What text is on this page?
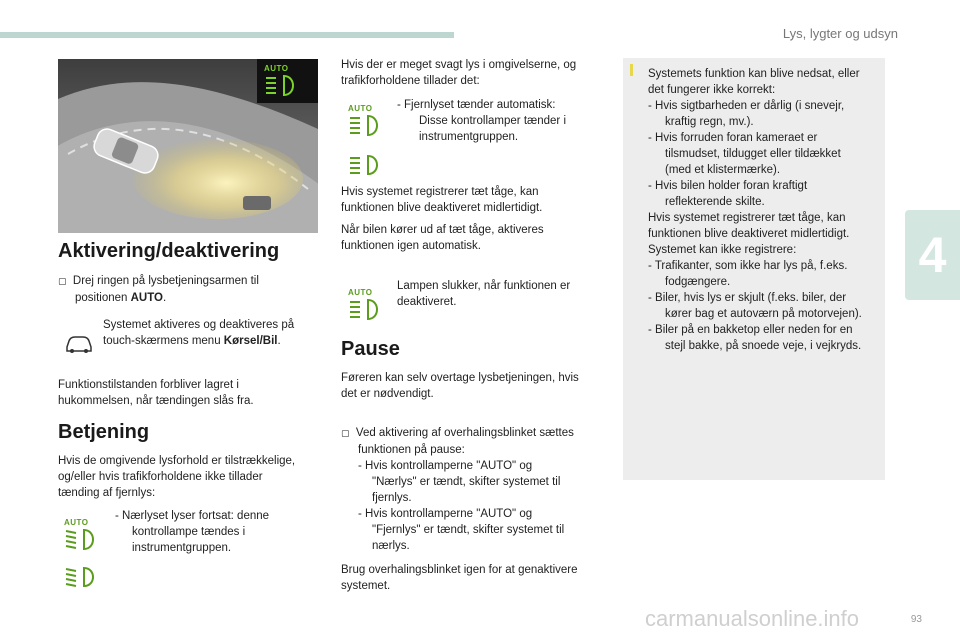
Lys, lygter og udsyn
4
AUTO
Aktivering/deaktivering

▢ Drej ringen på lysbetjeningsarmen til

positionen AUTO.

Systemet aktiveres og deaktiveres på

touch-skærmens menu Kørsel/Bil.

Funktionstilstanden forbliver lagret i

hukommelsen, når tændingen slås fra.

Betjening

Hvis de omgivende lysforhold er tilstrækkelige,

og/eller hvis trafikforholdene ikke tillader

tænding af fjernlys:

AUTO

- Nærlyset lyser fortsat: denne

kontrollampe tændes i

instrumentgruppen.

Hvis der er meget svagt lys i omgivelserne, og

trafikforholdene tillader det:

AUTO	- Fjernlyset tænder automatisk:

Disse kontrollamper tænder i

instrumentgruppen.

Hvis systemet registrerer tæt tåge, kan

funktionen blive deaktiveret midlertidigt.

Når bilen kører ud af tæt tåge, aktiveres

funktionen igen automatisk.

AUTO

Lampen slukker, når funktionen er

deaktiveret.

Pause

Føreren kan selv overtage lysbetjeningen, hvis

det er nødvendigt.

▢ Ved aktivering af overhalingsblinket sættes

funktionen på pause:

- Hvis kontrollamperne "AUTO" og

"Nærlys" er tændt, skifter systemet til

fjernlys.

- Hvis kontrollamperne "AUTO" og

"Fjernlys" er tændt, skifter systemet til

nærlys.

Brug overhalingsblinket igen for at genaktivere

systemet.

Systemets funktion kan blive nedsat, eller

det fungerer ikke korrekt:

- Hvis sigtbarheden er dårlig (i snevejr,

kraftig regn, mv.).

- Hvis forruden foran kameraet er

tilsmudset, tildugget eller tildækket

(med et klistermærke).

- Hvis bilen holder foran kraftigt

reflekterende skilte.

Hvis systemet registrerer tæt tåge, kan

funktionen blive deaktiveret midlertidigt.

Systemet kan ikke registrere:

- Trafikanter, som ikke har lys på, f.eks.

fodgængere.

- Biler, hvis lys er skjult (f.eks. biler, der

kører bag et autoværn på motorvejen).

- Biler på en bakketop eller neden for en

stejl bakke, på snoede veje, i vejkryds.

carmanualsonline.info	93
